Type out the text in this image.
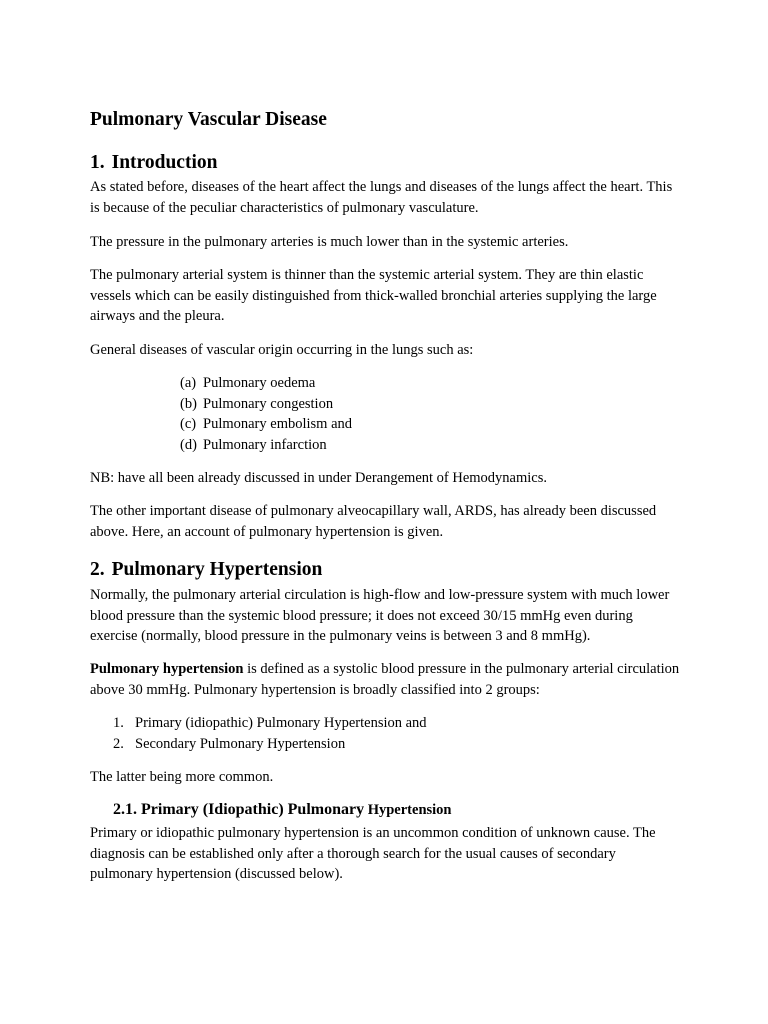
Pulmonary Vascular Disease
1. Introduction

As stated before, diseases of the heart affect the lungs and diseases of the lungs affect the heart. This is because of the peculiar characteristics of pulmonary vasculature.

The pressure in the pulmonary arteries is much lower than in the systemic arteries.

The pulmonary arterial system is thinner than the systemic arterial system. They are thin elastic vessels which can be easily distinguished from thick-walled bronchial arteries supplying the large airways and the pleura.

General diseases of vascular origin occurring in the lungs such as:

(a) Pulmonary oedema
(b) Pulmonary congestion
(c) Pulmonary embolism and
(d) Pulmonary infarction

NB: have all been already discussed in under Derangement of Hemodynamics.

The other important disease of pulmonary alveocapillary wall, ARDS, has already been discussed above. Here, an account of pulmonary hypertension is given.

2. Pulmonary Hypertension

Normally, the pulmonary arterial circulation is high-flow and low-pressure system with much lower blood pressure than the systemic blood pressure; it does not exceed 30/15 mmHg even during exercise (normally, blood pressure in the pulmonary veins is between 3 and 8 mmHg).

Pulmonary hypertension is defined as a systolic blood pressure in the pulmonary arterial circulation above 30 mmHg. Pulmonary hypertension is broadly classified into 2 groups:

1. Primary (idiopathic) Pulmonary Hypertension and
2. Secondary Pulmonary Hypertension

The latter being more common.

2.1. Primary (Idiopathic) Pulmonary Hypertension

Primary or idiopathic pulmonary hypertension is an uncommon condition of unknown cause. The diagnosis can be established only after a thorough search for the usual causes of secondary pulmonary hypertension (discussed below).
